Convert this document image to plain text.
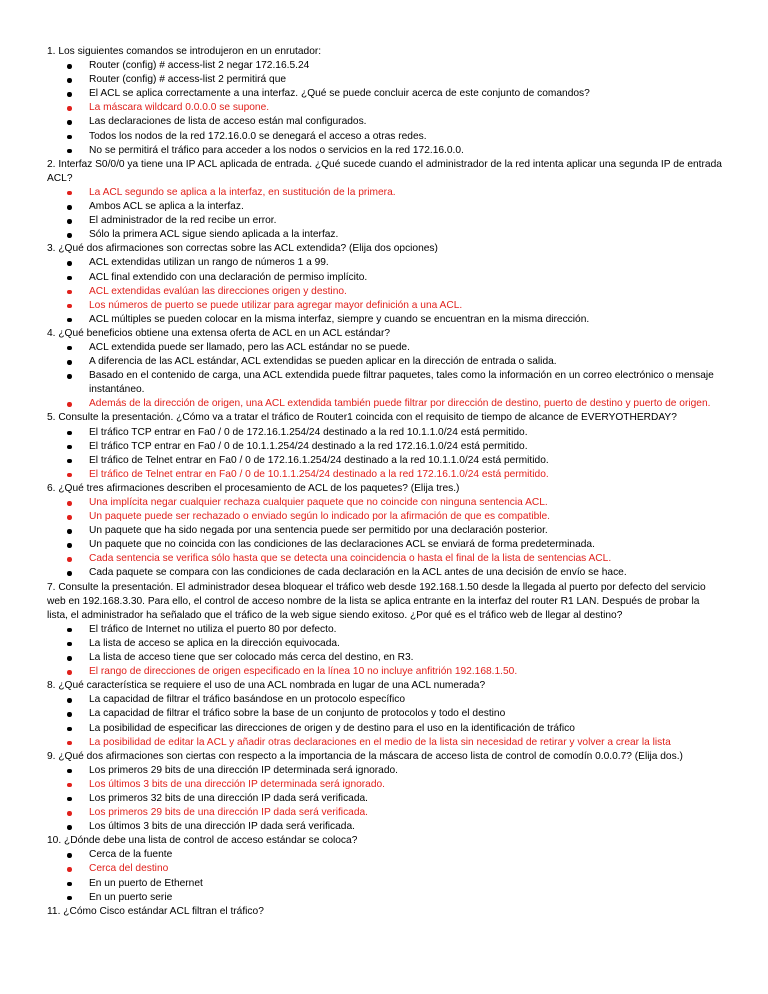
1. Los siguientes comandos se introdujeron en un enrutador:

Router (config) # access-list 2 negar 172.16.5.24
Router (config) # access-list 2 permitirá que
El ACL se aplica correctamente a una interfaz. ¿Qué se puede concluir acerca de este conjunto de comandos?
La máscara wildcard 0.0.0.0 se supone.
Las declaraciones de lista de acceso están mal configurados.
Todos los nodos de la red 172.16.0.0 se denegará el acceso a otras redes.
No se permitirá el tráfico para acceder a los nodos o servicios en la red 172.16.0.0.

2. Interfaz S0/0/0 ya tiene una IP ACL aplicada de entrada. ¿Qué sucede cuando el administrador de la red intenta aplicar una segunda IP de entrada ACL?

La ACL segundo se aplica a la interfaz, en sustitución de la primera.
Ambos ACL se aplica a la interfaz.
El administrador de la red recibe un error.
Sólo la primera ACL sigue siendo aplicada a la interfaz.

3. ¿Qué dos afirmaciones son correctas sobre las ACL extendida? (Elija dos opciones)

ACL extendidas utilizan un rango de números 1 a 99.
ACL final extendido con una declaración de permiso implícito.
ACL extendidas evalúan las direcciones origen y destino.
Los números de puerto se puede utilizar para agregar mayor definición a una ACL.
ACL múltiples se pueden colocar en la misma interfaz, siempre y cuando se encuentran en la misma dirección.

4. ¿Qué beneficios obtiene una extensa oferta de ACL en un ACL estándar?

ACL extendida puede ser llamado, pero las ACL estándar no se puede.
A diferencia de las ACL estándar, ACL extendidas se pueden aplicar en la dirección de entrada o salida.
Basado en el contenido de carga, una ACL extendida puede filtrar paquetes, tales como la información en un correo electrónico o mensaje instantáneo.
Además de la dirección de origen, una ACL extendida también puede filtrar por dirección de destino, puerto de destino y puerto de origen.

5. Consulte la presentación. ¿Cómo va a tratar el tráfico de Router1 coincida con el requisito de tiempo de alcance de EVERYOTHERDAY?

El tráfico TCP entrar en Fa0 / 0 de 172.16.1.254/24 destinado a la red 10.1.1.0/24 está permitido.
El tráfico TCP entrar en Fa0 / 0 de 10.1.1.254/24 destinado a la red 172.16.1.0/24 está permitido.
El tráfico de Telnet entrar en Fa0 / 0 de 172.16.1.254/24 destinado a la red 10.1.1.0/24 está permitido.
El tráfico de Telnet entrar en Fa0 / 0 de 10.1.1.254/24 destinado a la red 172.16.1.0/24 está permitido.

6. ¿Qué tres afirmaciones describen el procesamiento de ACL de los paquetes? (Elija tres.)

Una implícita negar cualquier rechaza cualquier paquete que no coincide con ninguna sentencia ACL.
Un paquete puede ser rechazado o enviado según lo indicado por la afirmación de que es compatible.
Un paquete que ha sido negada por una sentencia puede ser permitido por una declaración posterior.
Un paquete que no coincida con las condiciones de las declaraciones ACL se enviará de forma predeterminada.
Cada sentencia se verifica sólo hasta que se detecta una coincidencia o hasta el final de la lista de sentencias ACL.
Cada paquete se compara con las condiciones de cada declaración en la ACL antes de una decisión de envío se hace.

7. Consulte la presentación. El administrador desea bloquear el tráfico web desde 192.168.1.50 desde la llegada al puerto por defecto del servicio web en 192.168.3.30. Para ello, el control de acceso nombre de la lista se aplica entrante en la interfaz del router R1 LAN. Después de probar la lista, el administrador ha señalado que el tráfico de la web sigue siendo exitoso. ¿Por qué es el tráfico web de llegar al destino?

El tráfico de Internet no utiliza el puerto 80 por defecto.
La lista de acceso se aplica en la dirección equivocada.
La lista de acceso tiene que ser colocado más cerca del destino, en R3.
El rango de direcciones de origen especificado en la línea 10 no incluye anfitrión 192.168.1.50.

8. ¿Qué característica se requiere el uso de una ACL nombrada en lugar de una ACL numerada?

La capacidad de filtrar el tráfico basándose en un protocolo específico
La capacidad de filtrar el tráfico sobre la base de un conjunto de protocolos y todo el destino
La posibilidad de especificar las direcciones de origen y de destino para el uso en la identificación de tráfico
La posibilidad de editar la ACL y añadir otras declaraciones en el medio de la lista sin necesidad de retirar y volver a crear la lista

9. ¿Qué dos afirmaciones son ciertas con respecto a la importancia de la máscara de acceso lista de control de comodín 0.0.0.7? (Elija dos.)

Los primeros 29 bits de una dirección IP determinada será ignorado.
Los últimos 3 bits de una dirección IP determinada será ignorado.
Los primeros 32 bits de una dirección IP dada será verificada.
Los primeros 29 bits de una dirección IP dada será verificada.
Los últimos 3 bits de una dirección IP dada será verificada.

10. ¿Dónde debe una lista de control de acceso estándar se coloca?

Cerca de la fuente
Cerca del destino
En un puerto de Ethernet
En un puerto serie

11. ¿Cómo Cisco estándar ACL filtran el tráfico?
